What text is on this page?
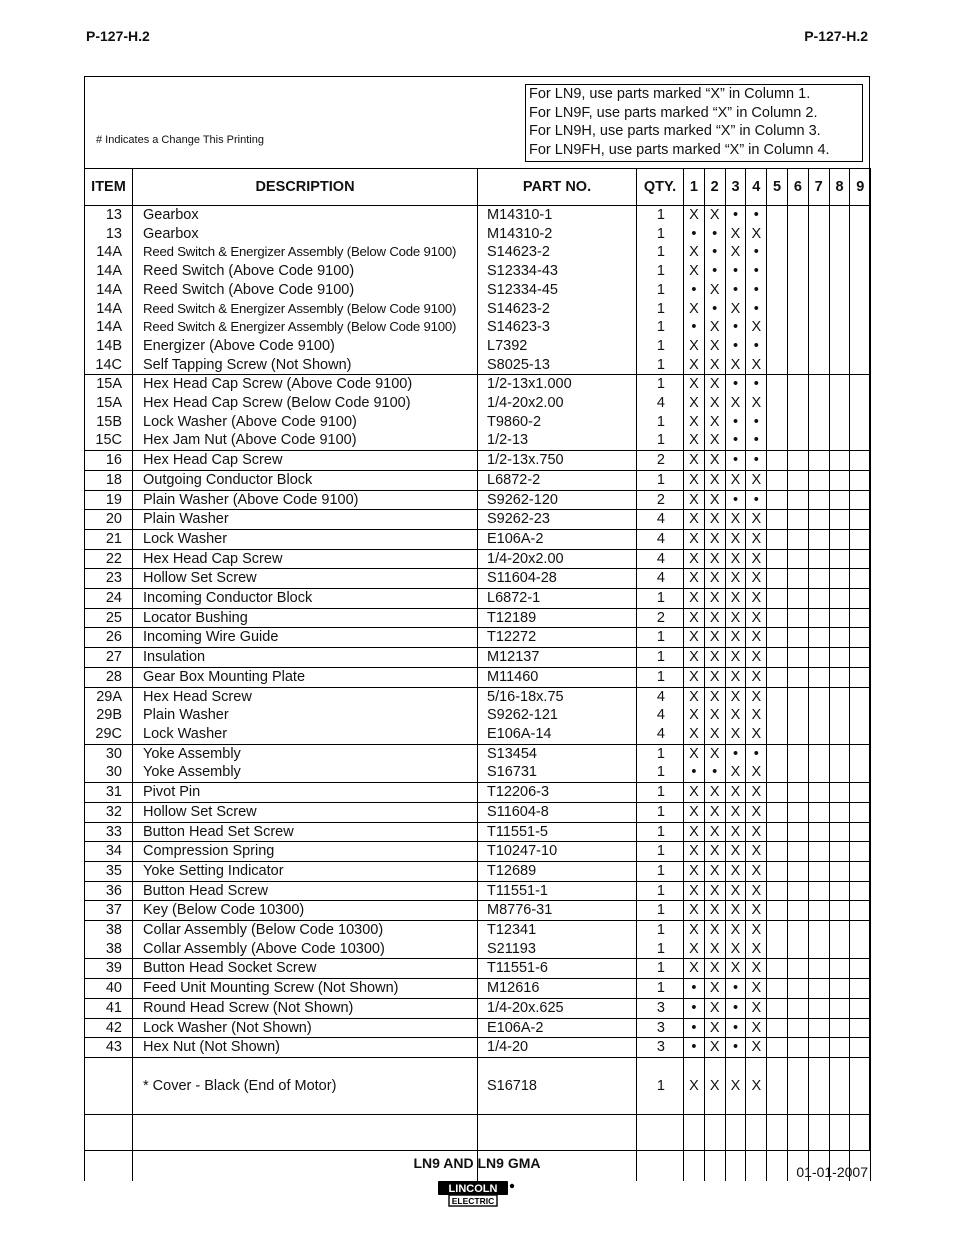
P-127-H.2	P-127-H.2
# Indicates a Change This Printing
For LN9, use parts marked “X” in Column 1.
For LN9F, use parts marked “X” in Column 2.
For LN9H, use parts marked “X” in Column 3.
For LN9FH, use parts marked “X” in Column 4.
ITEM	DESCRIPTION	PART NO.	QTY.	1	2	3	4	5	6	7	8	9
13	Gearbox	M14310-1	1	X	X	•	•					
13	Gearbox	M14310-2	1	•	•	X	X					
14A	Reed Switch & Energizer Assembly (Below Code 9100)	S14623-2	1	X	•	X	•					
14A	Reed Switch (Above Code 9100)	S12334-43	1	X	•	•	•					
14A	Reed Switch (Above Code 9100)	S12334-45	1	•	X	•	•					
14A	Reed Switch & Energizer Assembly (Below Code 9100)	S14623-2	1	X	•	X	•					
14A	Reed Switch & Energizer Assembly (Below Code 9100)	S14623-3	1	•	X	•	X					
14B	Energizer (Above Code 9100)	L7392	1	X	X	•	•					
14C	Self Tapping Screw (Not Shown)	S8025-13	1	X	X	X	X					
15A	Hex Head Cap Screw (Above Code 9100)	1/2-13x1.000	1	X	X	•	•					
15A	Hex Head Cap Screw (Below Code 9100)	1/4-20x2.00	4	X	X	X	X					
15B	Lock Washer (Above Code 9100)	T9860-2	1	X	X	•	•					
15C	Hex Jam Nut (Above Code 9100)	1/2-13	1	X	X	•	•					
16	Hex Head Cap Screw	1/2-13x.750	2	X	X	•	•					
18	Outgoing Conductor Block	L6872-2	1	X	X	X	X					
19	Plain Washer (Above Code 9100)	S9262-120	2	X	X	•	•					
20	Plain Washer	S9262-23	4	X	X	X	X					
21	Lock Washer	E106A-2	4	X	X	X	X					
22	Hex Head Cap Screw	1/4-20x2.00	4	X	X	X	X					
23	Hollow Set Screw	S11604-28	4	X	X	X	X					
24	Incoming Conductor Block	L6872-1	1	X	X	X	X					
25	Locator Bushing	T12189	2	X	X	X	X					
26	Incoming Wire Guide	T12272	1	X	X	X	X					
27	Insulation	M12137	1	X	X	X	X					
28	Gear Box Mounting Plate	M11460	1	X	X	X	X					
29A	Hex Head Screw	5/16-18x.75	4	X	X	X	X					
29B	Plain Washer	S9262-121	4	X	X	X	X					
29C	Lock Washer	E106A-14	4	X	X	X	X					
30	Yoke Assembly	S13454	1	X	X	•	•					
30	Yoke Assembly	S16731	1	•	•	X	X					
31	Pivot Pin	T12206-3	1	X	X	X	X					
32	Hollow Set Screw	S11604-8	1	X	X	X	X					
33	Button Head Set Screw	T11551-5	1	X	X	X	X					
34	Compression Spring	T10247-10	1	X	X	X	X					
35	Yoke Setting Indicator	T12689	1	X	X	X	X					
36	Button Head Screw	T11551-1	1	X	X	X	X					
37	Key (Below Code 10300)	M8776-31	1	X	X	X	X					
38	Collar Assembly (Below Code 10300)	T12341	1	X	X	X	X					
38	Collar Assembly (Above Code 10300)	S21193	1	X	X	X	X					
39	Button Head Socket Screw	T11551-6	1	X	X	X	X					
40	Feed Unit Mounting Screw (Not Shown)	M12616	1	•	X	•	X					
41	Round Head Screw (Not Shown)	1/4-20x.625	3	•	X	•	X					
42	Lock Washer (Not Shown)	E106A-2	3	•	X	•	X					
43	Hex Nut (Not Shown)	1/4-20	3	•	X	•	X					
	* Cover - Black (End of Motor)	S16718	1	X	X	X	X					

LN9 AND LN9 GMA
01-01-2007
LINCOLN
ELECTRIC
